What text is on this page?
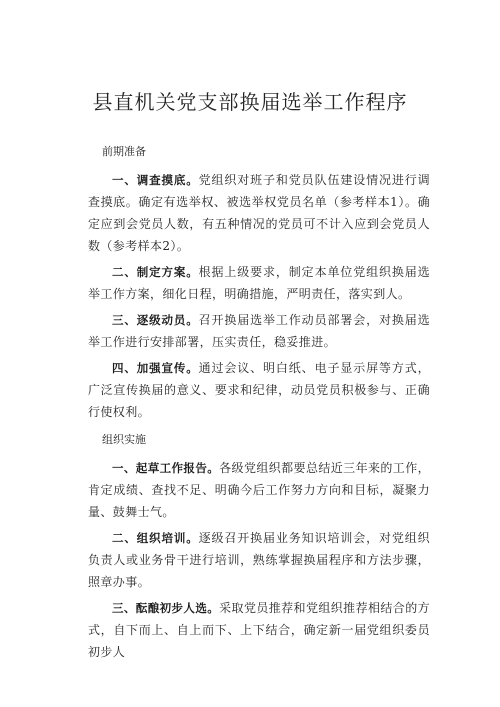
县直机关党支部换届选举工作程序
前期准备

一、调查摸底。党组织对班子和党员队伍建设情况进行调查摸底。确定有选举权、被选举权党员名单（参考样本1）。确定应到会党员人数，有五种情况的党员可不计入应到会党员人数（参考样本2）。

二、制定方案。根据上级要求，制定本单位党组织换届选举工作方案，细化日程，明确措施，严明责任，落实到人。

三、逐级动员。召开换届选举工作动员部署会，对换届选举工作进行安排部署，压实责任，稳妥推进。

四、加强宣传。通过会议、明白纸、电子显示屏等方式，广泛宣传换届的意义、要求和纪律，动员党员积极参与、正确行使权利。

组织实施

一、起草工作报告。各级党组织都要总结近三年来的工作，肯定成绩、查找不足、明确今后工作努力方向和目标，凝聚力量、鼓舞士气。

二、组织培训。逐级召开换届业务知识培训会，对党组织负责人或业务骨干进行培训，熟练掌握换届程序和方法步骤，照章办事。

三、酝酿初步人选。采取党员推荐和党组织推荐相结合的方式，自下而上、自上而下、上下结合，确定新一届党组织委员初步人
